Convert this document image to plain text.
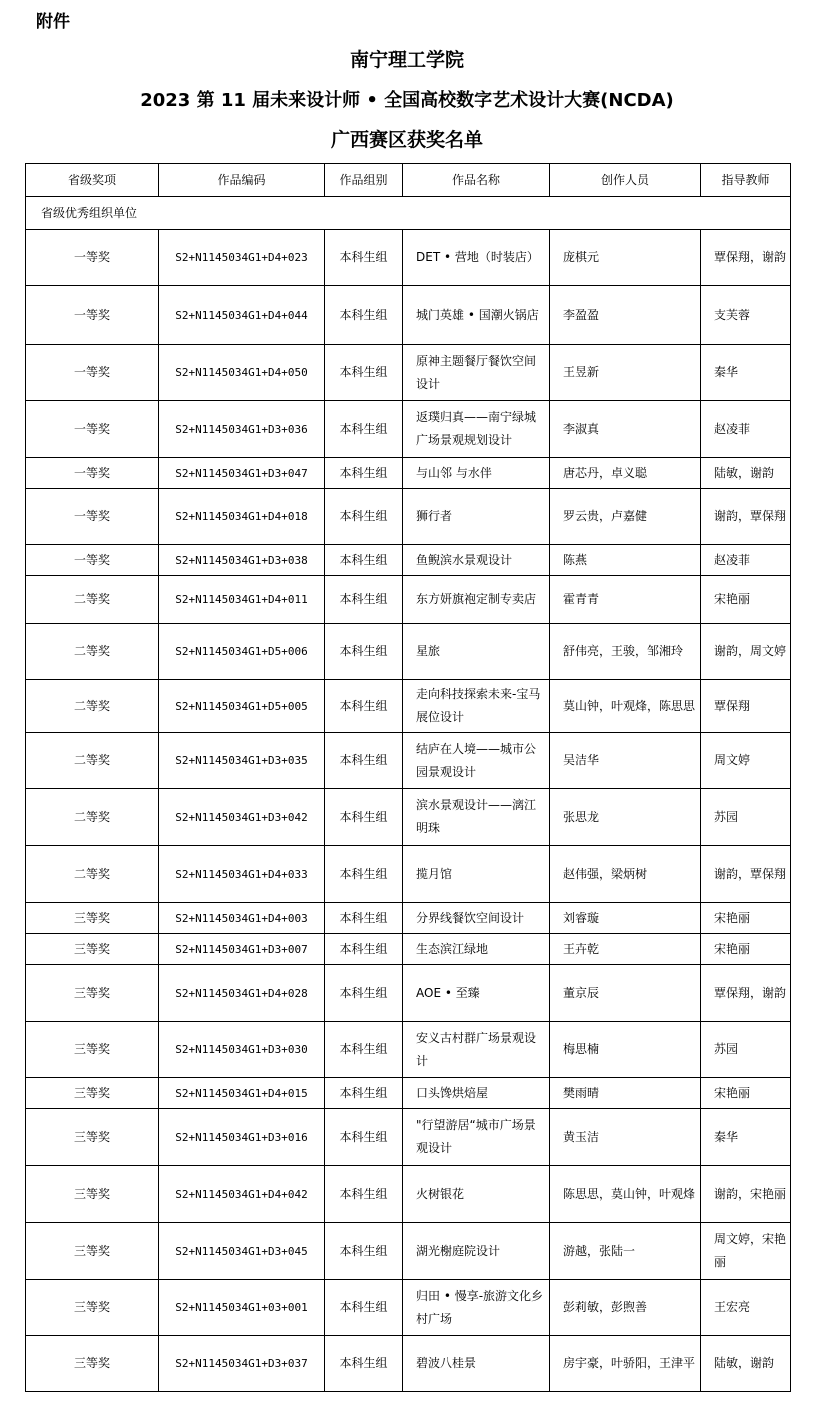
附件
南宁理工学院
2023 第 11 届未来设计师 • 全国高校数字艺术设计大赛(NCDA)
广西赛区获奖名单
省级奖项	作品编码	作品组别	作品名称	创作人员	指导教师
省级优秀组织单位					
一等奖	S2+N1145034G1+D4+023	本科生组	DET • 营地（时装店）	庞棋元	覃保翔，谢韵
一等奖	S2+N1145034G1+D4+044	本科生组	城门英雄 • 国潮火锅店	李盈盈	支芙蓉
一等奖	S2+N1145034G1+D4+050	本科生组	原神主题餐厅餐饮空间设计	王昱新	秦华
一等奖	S2+N1145034G1+D3+036	本科生组	返璞归真——南宁绿城广场景观规划设计	李淑真	赵凌菲
一等奖	S2+N1145034G1+D3+047	本科生组	与山邻 与水伴	唐芯丹，卓义聪	陆敏，谢韵
一等奖	S2+N1145034G1+D4+018	本科生组	狮行者	罗云贵，卢嘉健	谢韵，覃保翔
一等奖	S2+N1145034G1+D3+038	本科生组	鱼鲵滨水景观设计	陈燕	赵凌菲
二等奖	S2+N1145034G1+D4+011	本科生组	东方妍旗袍定制专卖店	霍青青	宋艳丽
二等奖	S2+N1145034G1+D5+006	本科生组	星旅	舒伟亮，王骏，邹湘玲	谢韵，周文婷
二等奖	S2+N1145034G1+D5+005	本科生组	走向科技探索未来-宝马展位设计	莫山钟，叶观烽，陈思思	覃保翔
二等奖	S2+N1145034G1+D3+035	本科生组	结庐在人境——城市公园景观设计	吴洁华	周文婷
二等奖	S2+N1145034G1+D3+042	本科生组	滨水景观设计——漓江明珠	张思龙	苏园
二等奖	S2+N1145034G1+D4+033	本科生组	揽月馆	赵伟强，梁炳树	谢韵，覃保翔
三等奖	S2+N1145034G1+D4+003	本科生组	分界线餐饮空间设计	刘睿璇	宋艳丽
三等奖	S2+N1145034G1+D3+007	本科生组	生态滨江绿地	王卉乾	宋艳丽
三等奖	S2+N1145034G1+D4+028	本科生组	AOE • 至臻	董京辰	覃保翔，谢韵
三等奖	S2+N1145034G1+D3+030	本科生组	安义古村群广场景观设计	梅思楠	苏园
三等奖	S2+N1145034G1+D4+015	本科生组	口头馋烘焙屋	樊雨晴	宋艳丽
三等奖	S2+N1145034G1+D3+016	本科生组	"行望游居“城市广场景观设计	黄玉洁	秦华
三等奖	S2+N1145034G1+D4+042	本科生组	火树银花	陈思思，莫山钟，叶观烽	谢韵，宋艳丽
三等奖	S2+N1145034G1+D3+045	本科生组	湖光榭庭院设计	游越，张陆一	周文婷，宋艳丽
三等奖	S2+N1145034G1+03+001	本科生组	归田 • 慢享-旅游文化乡村广场	彭莉敏，彭煦善	王宏亮
三等奖	S2+N1145034G1+D3+037	本科生组	碧波八桂景	房宇豪，叶骄阳，王津平	陆敏，谢韵
